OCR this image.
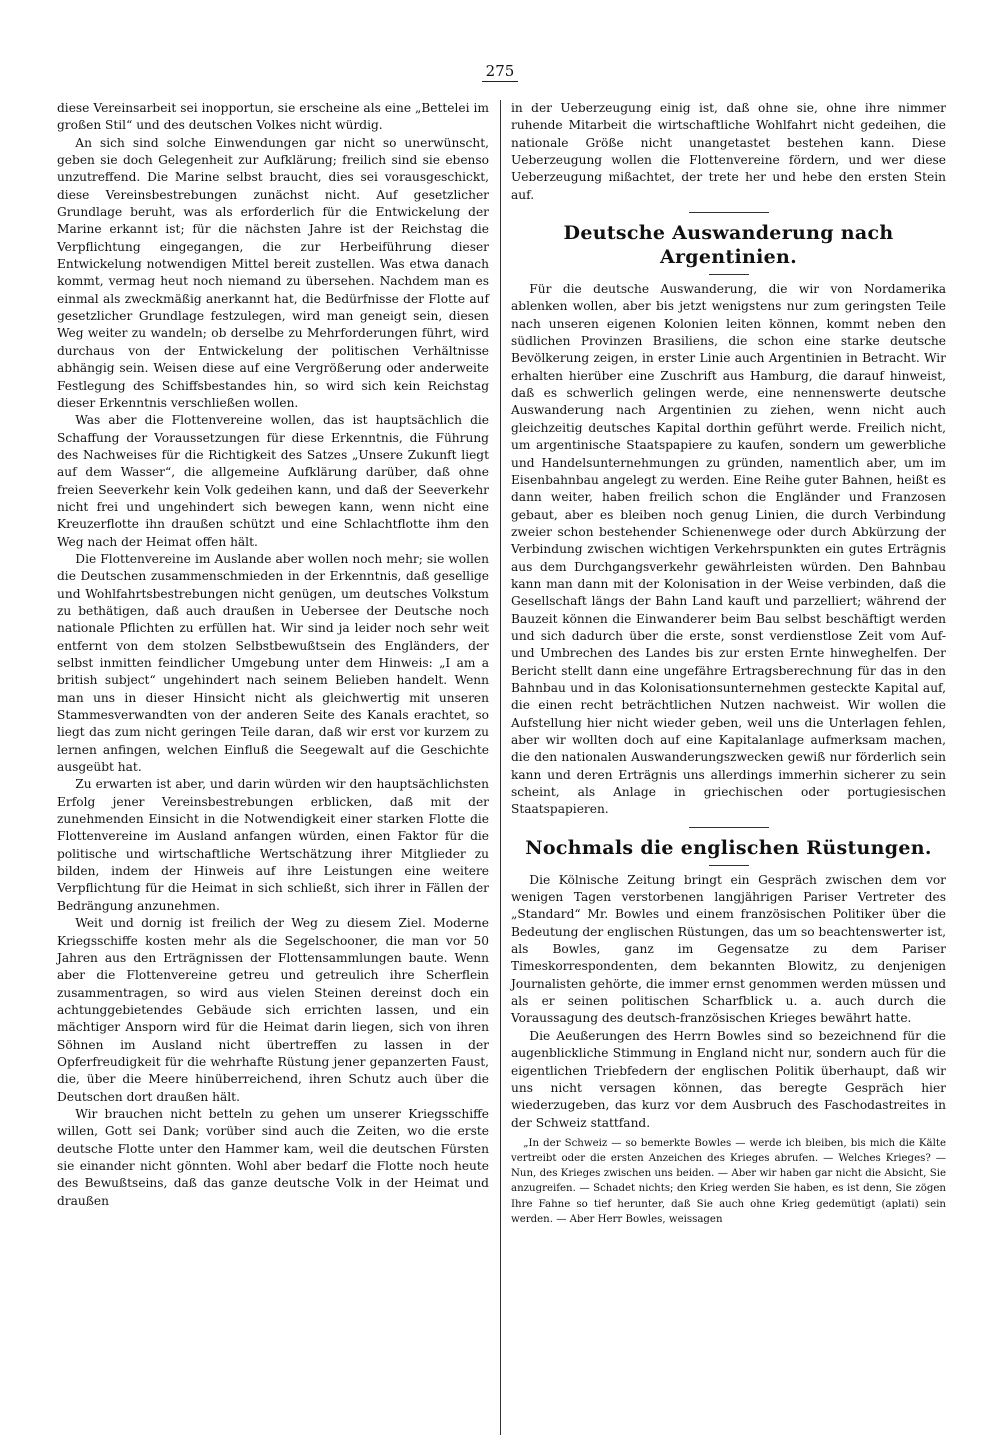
275

diese Vereinsarbeit sei inopportun, sie erscheine als eine „Bettelei im großen Stil“ und des deutschen Volkes nicht würdig.

An sich sind solche Einwendungen gar nicht so unerwünscht, geben sie doch Gelegenheit zur Aufklärung; freilich sind sie ebenso unzutreffend. Die Marine selbst braucht, dies sei vorausgeschickt, diese Vereinsbestrebungen zunächst nicht. Auf gesetzlicher Grundlage beruht, was als erforderlich für die Entwickelung der Marine erkannt ist; für die nächsten Jahre ist der Reichstag die Verpflichtung eingegangen, die zur Herbeiführung dieser Entwickelung notwendigen Mittel bereit zustellen. Was etwa danach kommt, vermag heut noch niemand zu übersehen. Nachdem man es einmal als zweckmäßig anerkannt hat, die Bedürfnisse der Flotte auf gesetzlicher Grundlage festzulegen, wird man geneigt sein, diesen Weg weiter zu wandeln; ob derselbe zu Mehrforderungen führt, wird durchaus von der Entwickelung der politischen Verhältnisse abhängig sein. Weisen diese auf eine Vergrößerung oder anderweite Festlegung des Schiffsbestandes hin, so wird sich kein Reichstag dieser Erkenntnis verschließen wollen.

Was aber die Flottenvereine wollen, das ist hauptsächlich die Schaffung der Voraussetzungen für diese Erkenntnis, die Führung des Nachweises für die Richtigkeit des Satzes „Unsere Zukunft liegt auf dem Wasser“, die allgemeine Aufklärung darüber, daß ohne freien Seeverkehr kein Volk gedeihen kann, und daß der Seeverkehr nicht frei und ungehindert sich bewegen kann, wenn nicht eine Kreuzerflotte ihn draußen schützt und eine Schlachtflotte ihm den Weg nach der Heimat offen hält.

Die Flottenvereine im Auslande aber wollen noch mehr; sie wollen die Deutschen zusammenschmieden in der Erkenntnis, daß gesellige und Wohlfahrtsbestrebungen nicht genügen, um deutsches Volkstum zu bethätigen, daß auch draußen in Uebersee der Deutsche noch nationale Pflichten zu erfüllen hat. Wir sind ja leider noch sehr weit entfernt von dem stolzen Selbstbewußtsein des Engländers, der selbst inmitten feindlicher Umgebung unter dem Hinweis: „I am a british subject“ ungehindert nach seinem Belieben handelt. Wenn man uns in dieser Hinsicht nicht als gleichwertig mit unseren Stammesverwandten von der anderen Seite des Kanals erachtet, so liegt das zum nicht geringen Teile daran, daß wir erst vor kurzem zu lernen anfingen, welchen Einfluß die Seegewalt auf die Geschichte ausgeübt hat.

Zu erwarten ist aber, und darin würden wir den hauptsächlichsten Erfolg jener Vereinsbestrebungen erblicken, daß mit der zunehmenden Einsicht in die Notwendigkeit einer starken Flotte die Flottenvereine im Ausland anfangen würden, einen Faktor für die politische und wirtschaftliche Wertschätzung ihrer Mitglieder zu bilden, indem der Hinweis auf ihre Leistungen eine weitere Verpflichtung für die Heimat in sich schließt, sich ihrer in Fällen der Bedrängung anzunehmen.

Weit und dornig ist freilich der Weg zu diesem Ziel. Moderne Kriegsschiffe kosten mehr als die Segelschooner, die man vor 50 Jahren aus den Erträgnissen der Flottensammlungen baute. Wenn aber die Flottenvereine getreu und getreulich ihre Scherflein zusammentragen, so wird aus vielen Steinen dereinst doch ein achtunggebietendes Gebäude sich errichten lassen, und ein mächtiger Ansporn wird für die Heimat darin liegen, sich von ihren Söhnen im Ausland nicht übertreffen zu lassen in der Opferfreudigkeit für die wehrhafte Rüstung jener gepanzerten Faust, die, über die Meere hinüberreichend, ihren Schutz auch über die Deutschen dort draußen hält.

Wir brauchen nicht betteln zu gehen um unserer Kriegsschiffe willen, Gott sei Dank; vorüber sind auch die Zeiten, wo die erste deutsche Flotte unter den Hammer kam, weil die deutschen Fürsten sie einander nicht gönnten. Wohl aber bedarf die Flotte noch heute des Bewußtseins, daß das ganze deutsche Volk in der Heimat und draußen

in der Ueberzeugung einig ist, daß ohne sie, ohne ihre nimmer ruhende Mitarbeit die wirtschaftliche Wohlfahrt nicht gedeihen, die nationale Größe nicht unangetastet bestehen kann. Diese Ueberzeugung wollen die Flottenvereine fördern, und wer diese Ueberzeugung mißachtet, der trete her und hebe den ersten Stein auf.

Deutsche Auswanderung nach Argentinien.

Für die deutsche Auswanderung, die wir von Nordamerika ablenken wollen, aber bis jetzt wenigstens nur zum geringsten Teile nach unseren eigenen Kolonien leiten können, kommt neben den südlichen Provinzen Brasiliens, die schon eine starke deutsche Bevölkerung zeigen, in erster Linie auch Argentinien in Betracht. Wir erhalten hierüber eine Zuschrift aus Hamburg, die darauf hinweist, daß es schwerlich gelingen werde, eine nennenswerte deutsche Auswanderung nach Argentinien zu ziehen, wenn nicht auch gleichzeitig deutsches Kapital dorthin geführt werde. Freilich nicht, um argentinische Staatspapiere zu kaufen, sondern um gewerbliche und Handelsunternehmungen zu gründen, namentlich aber, um im Eisenbahnbau angelegt zu werden. Eine Reihe guter Bahnen, heißt es dann weiter, haben freilich schon die Engländer und Franzosen gebaut, aber es bleiben noch genug Linien, die durch Verbindung zweier schon bestehender Schienenwege oder durch Abkürzung der Verbindung zwischen wichtigen Verkehrspunkten ein gutes Erträgnis aus dem Durchgangsverkehr gewährleisten würden. Den Bahnbau kann man dann mit der Kolonisation in der Weise verbinden, daß die Gesellschaft längs der Bahn Land kauft und parzelliert; während der Bauzeit können die Einwanderer beim Bau selbst beschäftigt werden und sich dadurch über die erste, sonst verdienstlose Zeit vom Auf- und Umbrechen des Landes bis zur ersten Ernte hinweghelfen. Der Bericht stellt dann eine ungefähre Ertragsberechnung für das in den Bahnbau und in das Kolonisationsunternehmen gesteckte Kapital auf, die einen recht beträchtlichen Nutzen nachweist. Wir wollen die Aufstellung hier nicht wieder geben, weil uns die Unterlagen fehlen, aber wir wollten doch auf eine Kapitalanlage aufmerksam machen, die den nationalen Auswanderungszwecken gewiß nur förderlich sein kann und deren Erträgnis uns allerdings immerhin sicherer zu sein scheint, als Anlage in griechischen oder portugiesischen Staatspapieren.

Nochmals die englischen Rüstungen.

Die Kölnische Zeitung bringt ein Gespräch zwischen dem vor wenigen Tagen verstorbenen langjährigen Pariser Vertreter des „Standard“ Mr. Bowles und einem französischen Politiker über die Bedeutung der englischen Rüstungen, das um so beachtenswerter ist, als Bowles, ganz im Gegensatze zu dem Pariser Timeskorrespondenten, dem bekannten Blowitz, zu denjenigen Journalisten gehörte, die immer ernst genommen werden müssen und als er seinen politischen Scharfblick u. a. auch durch die Voraussagung des deutsch-französischen Krieges bewährt hatte.

Die Aeußerungen des Herrn Bowles sind so bezeichnend für die augenblickliche Stimmung in England nicht nur, sondern auch für die eigentlichen Triebfedern der englischen Politik überhaupt, daß wir uns nicht versagen können, das beregte Gespräch hier wiederzugeben, das kurz vor dem Ausbruch des Faschodastreites in der Schweiz stattfand.

„In der Schweiz — so bemerkte Bowles — werde ich bleiben, bis mich die Kälte vertreibt oder die ersten Anzeichen des Krieges abrufen. — Welches Krieges? — Nun, des Krieges zwischen uns beiden. — Aber wir haben gar nicht die Absicht, Sie anzugreifen. — Schadet nichts; den Krieg werden Sie haben, es ist denn, Sie zögen Ihre Fahne so tief herunter, daß Sie auch ohne Krieg gedemütigt (aplati) sein werden. — Aber Herr Bowles, weissagen
